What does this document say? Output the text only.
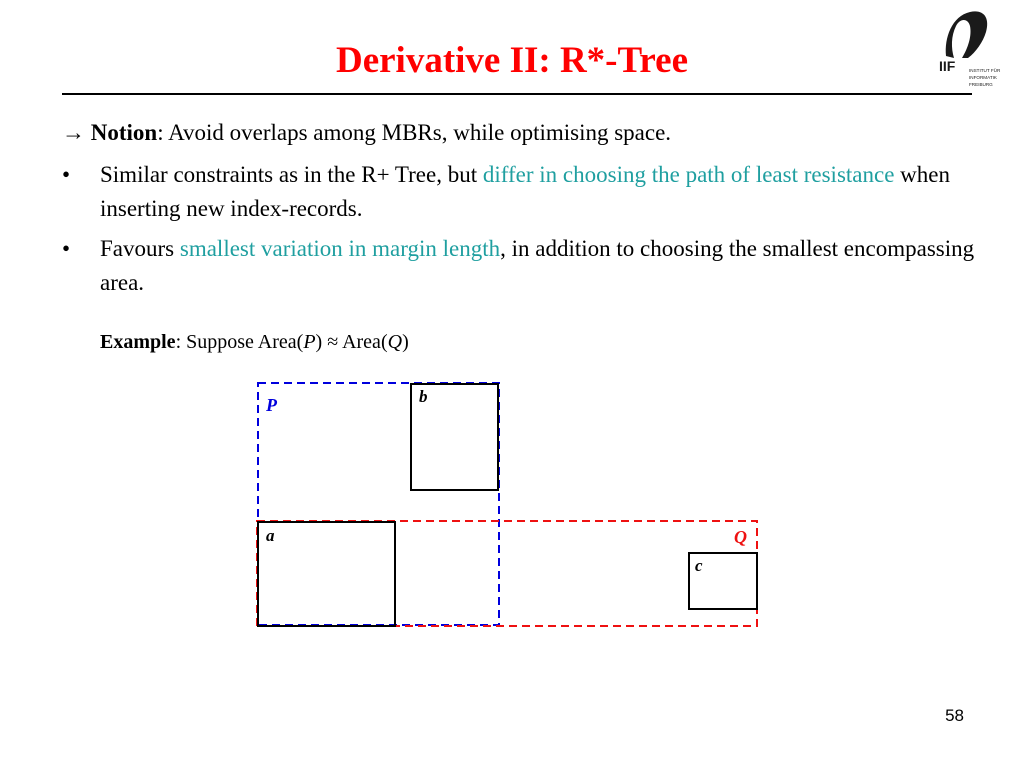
Derivative II: R*-Tree	IIF	INSTITUT FÜR
INFORMATIK
FREIBURG
→ Notion: Avoid overlaps among MBRs, while optimising space.
•	Similar constraints as in the R+ Tree, but differ in choosing the path of least resistance when inserting new index-records.
•	Favours smallest variation in margin length, in addition to choosing the smallest encompassing area.
Example: Suppose Area(P) ≈ Area(Q)
P	b
a	Q
c
58
